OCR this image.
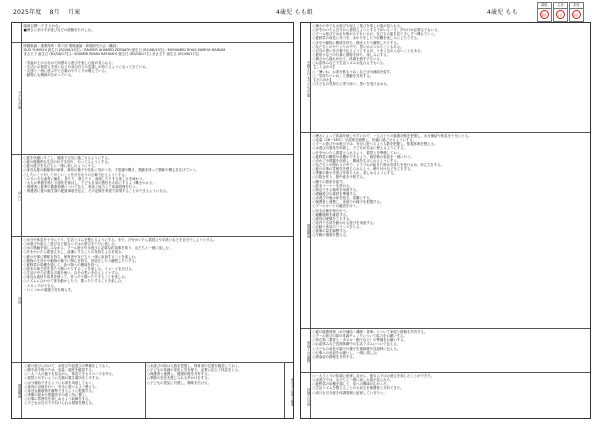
2025年度 8月 月案	4歳児 もも組	4歳児 もも
園長
園長
主任
主任
担任
担任

臨時目標（できるかな）

■暑さにまけず水遊びなどの経験をたのしむ。

子どもの姿

除籍数値／重要保育・第３回 環境議論・新規研究大会（職員）

DUO YUMICHI 誕生日 (R2/08/10生)／ZAHEER AHAMED ZEENATH 誕生日 (R2/08/19生)／MOHAMED RIYAS MARIYA MARIAM

まさ王子 誕生日 (R2/08/17生)／SHAMMI RIHAN RAYYAN'S 誕生日 (R2/08/17生) まさ王子 誕生日 (R2/08/17生)

・気温が上がるなかで涼感ある遊びを楽しむ姿が見られる。

・生活にお着替え手洗いなどの身辺自立の見通しが持てるようになってきている。

・友達と一緒に遊ぶ中で言葉のやりとりが増えている。

・動物にも興味が広がっている。

ねらい

○夏を快適にすごし、健康で元気に過ごせるようにする。

○夏の健康的な生活の仕方を知り、やってみようとする。

○夏の遊びを友だちと一緒に楽しむようにする。

○身近な夏の動植物の飼育、栽培の様子や変化に気がつき、不思議や驚き、感動を持って興味や関心を広げていく。

○したいことやしてほしいことを自分なりの言葉で伝えようとする。

・いろいろな素材に触れ、見たり、感じたり、表現したりする楽しさを味わう。

・大人が季節を感じる感性を伸ばし、子ども自身の感性を大切にするよう働きかける。

・保護者に夏季の健康管理について伝え、家庭と協力して体調管理を行う。

・保護者に夏の衛生面の配慮事項を伝え、その記憶を家庭で再現することができるようになる。

内容

○水分や休息を十分にとり、生活リズムを整えるようにする。また、汗をかいたら着替えや手洗いなどを自分でしようとする。

○水遊びや泥んこ遊びなど夏ならではの遊びを十分に楽しむ。

○水の感触を楽しみながら、プール遊びや水遊びに必要な約束事を知り、友だちと一緒に楽しむ。

○汗をかいたら着替えをし、清潔にすることの気持ちよさを知る。

○夏の行事に興味を持ち、保育者や友だちと一緒に参加することを楽しむ。

○植物の生長や小動物の様子に関心を持ち、世話をしたり観察したりする。

○夏野菜の収穫を通して、食べ物への興味を持つ。

○絵本や紙芝居を見たり聞いたりすることを楽しみ、イメージを広げる。

○生活の中で必要な言葉を使い、自分の思いを伝えようとする。

○身近な素材や用具を使って、作ったり描いたりすることを楽しむ。

○リズムに合わせて体を動かしたり、歌ったりすることを楽しむ。

・スキップができる。

・いくつかの楽器で音を鳴らす。

環境構成

○夏の遊びに向けて、水遊びや泥遊びの準備をしておく。

○熱中症予防のため、室温・湿度を確認する。

○一人一人の様子を見ながら、休息できるスペースを作る。

○着替えやすいように衣類の置き場所を工夫する。

○水分補給できるようにお茶を用意しておく。

○遊具の点検を行い、安全に遊べるよう整える。

○身近な動植物を観察できるように配置する。

○季節の絵本や図鑑を手の届く所に置く。

○行事の雰囲気を楽しめるよう装飾をする。

○子どもが自分で片付けられる環境を整える。

○水遊びの際は人数を把握し、保育者の位置を確認しておく。

○子どもの体調の変化に気を配り、必要に応じて休息をとる。

○保護者と連携し、健康状態を共有する。

○季節の変化を感じられる声かけをする。

○子どもの発見に共感し、興味を広げる。	保育者の援助と配慮
予想される子どもの姿

○暑さの中でも水遊びや泥んこ遊びを楽しむ姿が見られる。

○汗をかいたら自分から着替えようとする子がいる一方、声かけが必要な子もいる。

○プール遊びでは水を怖がる子もいるが、友だちの姿を見て少しずつ慣れていく。

○夏野菜の成長に気づき、水やりをしたり収穫を楽しみにしたりする。

○虫や小動物に興味を持ち、捕まえたり観察したりする。

○友だちとのやりとりの中で、思いがぶつかることもある。

○自分の思いを言葉で伝えようとするが、うまく伝わらないこともある。

○夏祭りなどの行事に期待を持ち、楽しみにする。

○暑さから疲れが出て、体調を崩す子もいる。

○お盆休みなどで生活リズムが乱れる子もいる。

【ことばかけ】

○「暑いね、お茶を飲もうね」など水分補給を促す。

○「気持ちいいね」と感触を共有する。

【そのほか】

○子どもの気持ちに寄り添い、思いを受け止める。

環境構成

○暑さによって体調を崩しやすいので、一人ひとりの健康状態を把握し、水分補給や休息を十分にとる。

○室温（26〜28℃）や湿度を調整し、快適に過ごせるようにする。

○プール遊びや水遊びでは、安全に遊べるよう人数を把握し、監視体制を整える。

○水遊びの道具を用意し、子どもが自由に使えるようにする。

○汗をかいたら着替えられるよう、着替えを準備しておく。

○夏野菜の観察や収穫ができるよう、栽培物の世話を一緒に行う。

○虫かごや図鑑を用意し、興味を広げられるようにする。

○友だちとの関わりの中で、トラブルが起きた時は気持ちを受け止め、仲立ちをする。

○夏の行事の雰囲気を感じられるよう、飾り付けなどを工夫する。

○季節の歌や手遊びを取り入れ、楽しめるようにする。

○日陰を作り、熱中症を予防する。

○帽子の着用を促す。

○絵本コーナーを設ける。

○休息できる場所を用意する。

○感触遊びの素材を準備する。

○水遊びの後は体を拭き、清潔にする。

○保護者と連携し、家庭での様子を把握する。

○プールカードの確認を行う。

○安全点検を毎日行う。

○避難経路を確認する。

○遊具の配置を工夫する。

○室内でも体を動かせる遊びを用意する。

○活動と休息のバランスをとる。

○食事の量を調整する。

○午睡の環境を整える。

家庭との連携

○夏の健康管理（水分補給・睡眠・食事）について家庭と情報を共有する。

○プール遊びの際の体調チェックについて協力をお願いする。

○持ち物（着替え・タオル・帽子など）の準備をお願いする。

○お盆休みなど長期休暇中の生活リズムについて伝える。

○子どもの成長や園での様子を連絡帳や送迎時に伝える。

○行事への参加をお願いし、一緒に楽しむ。

○感染症の情報を共有する。

評価と反省

○一人ひとりの体調に留意しながら、夏ならではの遊びを楽しむことができた。

○水遊びでは、友だちと一緒に楽しむ姿が見られた。

○夏野菜の収穫を通して、食への興味が広がった。

○生活リズムを整えることの大切さを保護者と共有できた。

○来月も引き続き体調管理に留意していきたい。
